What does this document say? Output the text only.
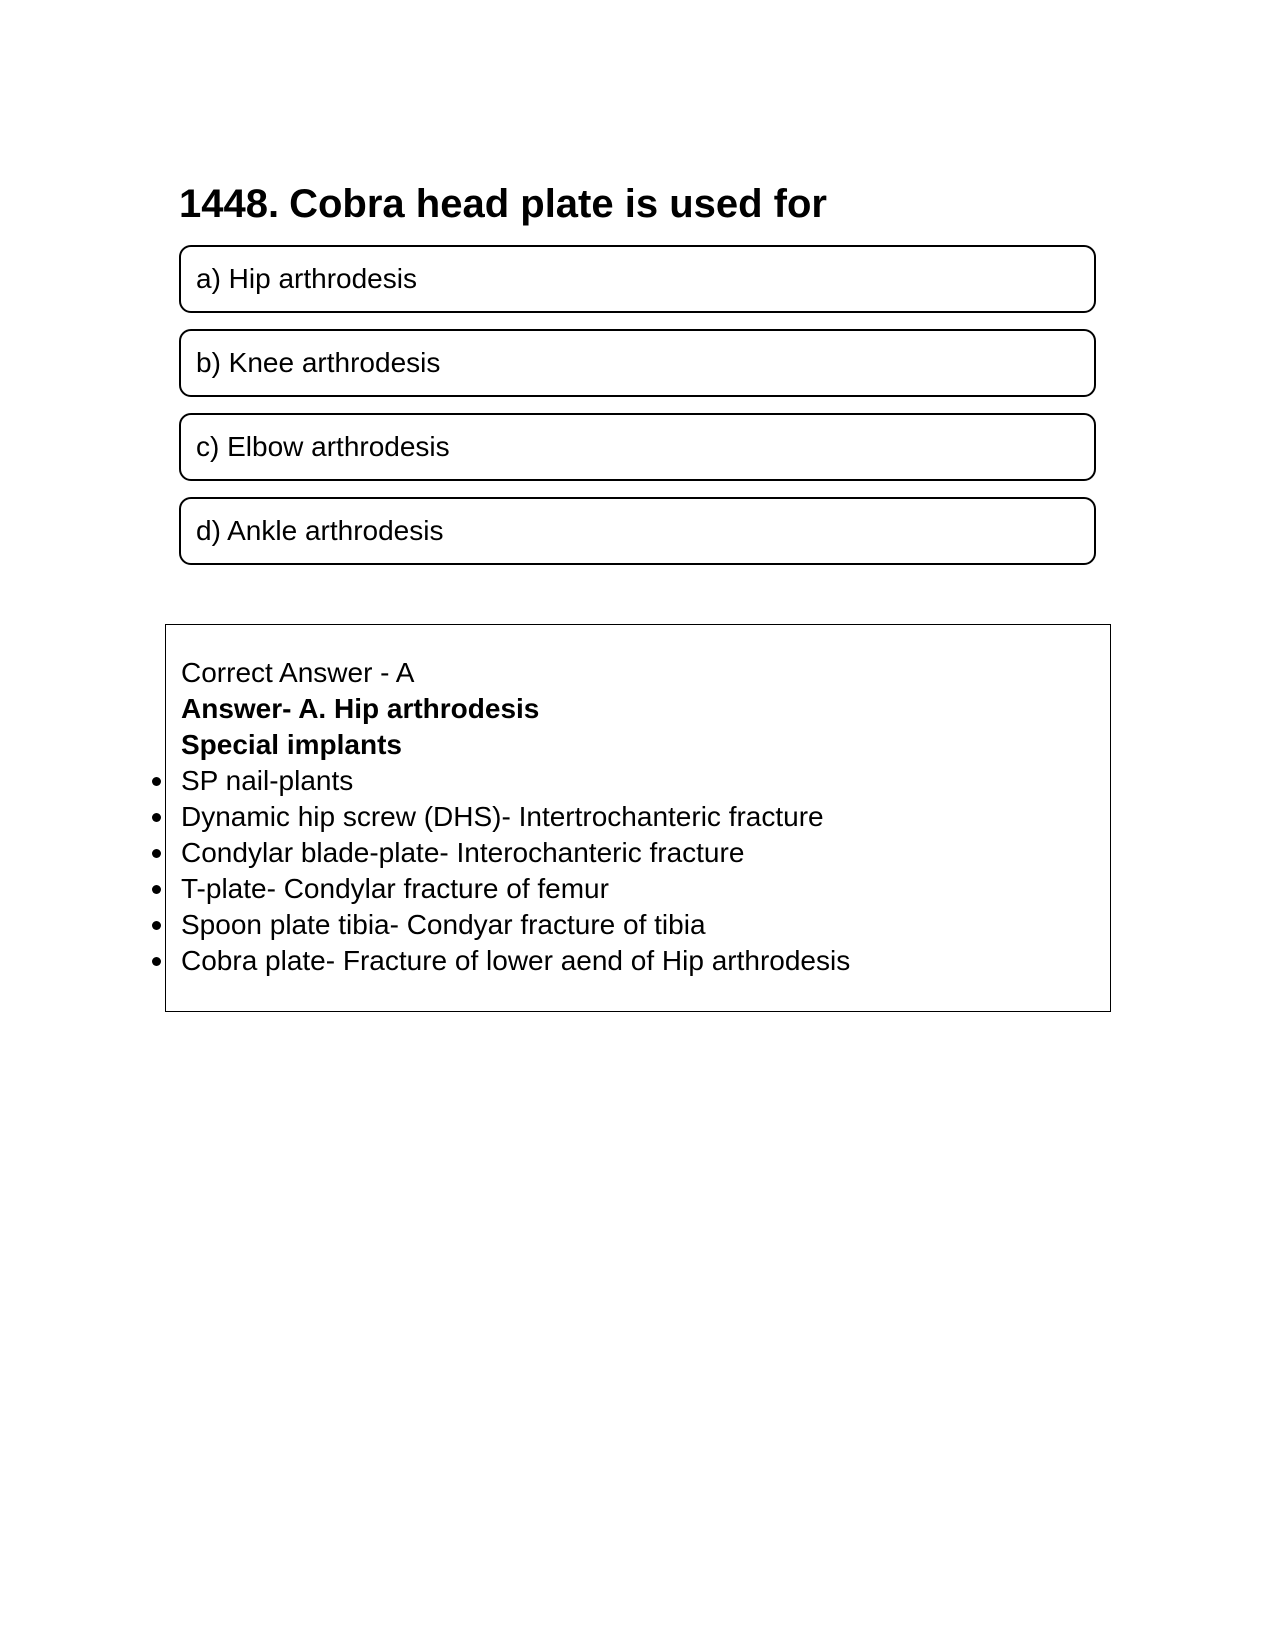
1448. Cobra head plate is used for
a) Hip arthrodesis
b) Knee arthrodesis
c) Elbow arthrodesis
d) Ankle arthrodesis
Correct Answer - A
Answer- A. Hip arthrodesis
Special implants
SP nail-plants
Dynamic hip screw (DHS)- Intertrochanteric fracture
Condylar blade-plate- Interochanteric fracture
T-plate- Condylar fracture of femur
Spoon plate tibia- Condyar fracture of tibia
Cobra plate- Fracture of lower aend of Hip arthrodesis
